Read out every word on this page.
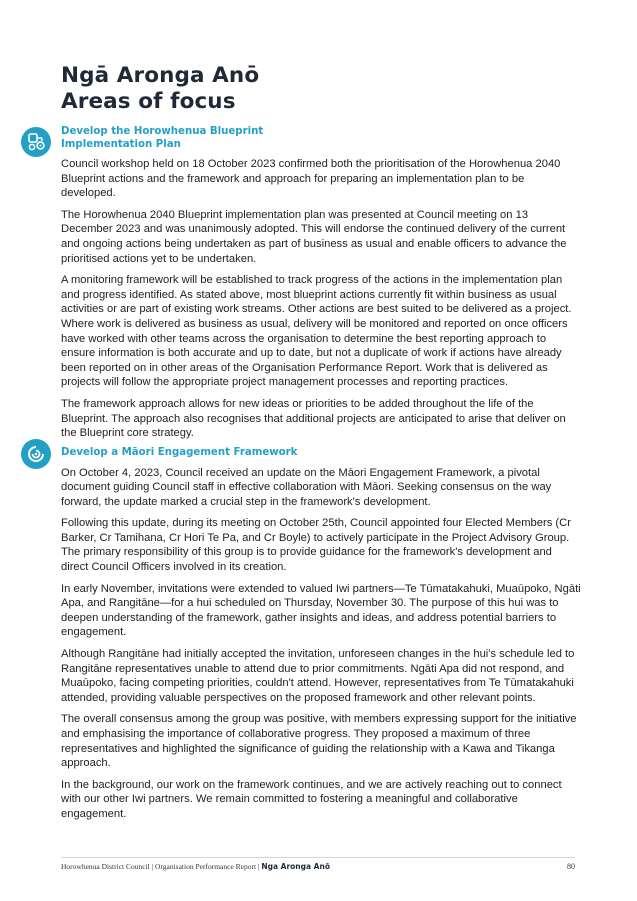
Ngā Aronga Anō
Areas of focus
Develop the Horowhenua Blueprint
Implementation Plan

Council workshop held on 18 October 2023 confirmed both the prioritisation of the Horowhenua 2040 Blueprint actions and the framework and approach for preparing an implementation plan to be developed.

The Horowhenua 2040 Blueprint implementation plan was presented at Council meeting on 13 December 2023 and was unanimously adopted. This will endorse the continued delivery of the current and ongoing actions being undertaken as part of business as usual and enable officers to advance the prioritised actions yet to be undertaken.

A monitoring framework will be established to track progress of the actions in the implementation plan and progress identified. As stated above, most blueprint actions currently fit within business as usual activities or are part of existing work streams. Other actions are best suited to be delivered as a project. Where work is delivered as business as usual, delivery will be monitored and reported on once officers have worked with other teams across the organisation to determine the best reporting approach to ensure information is both accurate and up to date, but not a duplicate of work if actions have already been reported on in other areas of the Organisation Performance Report. Work that is delivered as projects will follow the appropriate project management processes and reporting practices.

The framework approach allows for new ideas or priorities to be added throughout the life of the Blueprint. The approach also recognises that additional projects are anticipated to arise that deliver on the Blueprint core strategy.

Develop a Māori Engagement Framework

On October 4, 2023, Council received an update on the Māori Engagement Framework, a pivotal document guiding Council staff in effective collaboration with Māori. Seeking consensus on the way forward, the update marked a crucial step in the framework's development.

Following this update, during its meeting on October 25th, Council appointed four Elected Members (Cr Barker, Cr Tamihana, Cr Hori Te Pa, and Cr Boyle) to actively participate in the Project Advisory Group. The primary responsibility of this group is to provide guidance for the framework's development and direct Council Officers involved in its creation.

In early November, invitations were extended to valued Iwi partners—Te Tūmatakahuki, Muaūpoko, Ngāti Apa, and Rangitāne—for a hui scheduled on Thursday, November 30. The purpose of this hui was to deepen understanding of the framework, gather insights and ideas, and address potential barriers to engagement.

Although Rangitāne had initially accepted the invitation, unforeseen changes in the hui's schedule led to Rangitāne representatives unable to attend due to prior commitments. Ngāti Apa did not respond, and Muaūpoko, facing competing priorities, couldn't attend. However, representatives from Te Tūmatakahuki attended, providing valuable perspectives on the proposed framework and other relevant points.

The overall consensus among the group was positive, with members expressing support for the initiative and emphasising the importance of collaborative progress. They proposed a maximum of three representatives and highlighted the significance of guiding the relationship with a Kawa and Tikanga approach.

In the background, our work on the framework continues, and we are actively reaching out to connect with our other Iwi partners. We remain committed to fostering a meaningful and collaborative engagement.

Horowhenua District Council | Organisation Performance Report | Nga Aronga Anō	80
